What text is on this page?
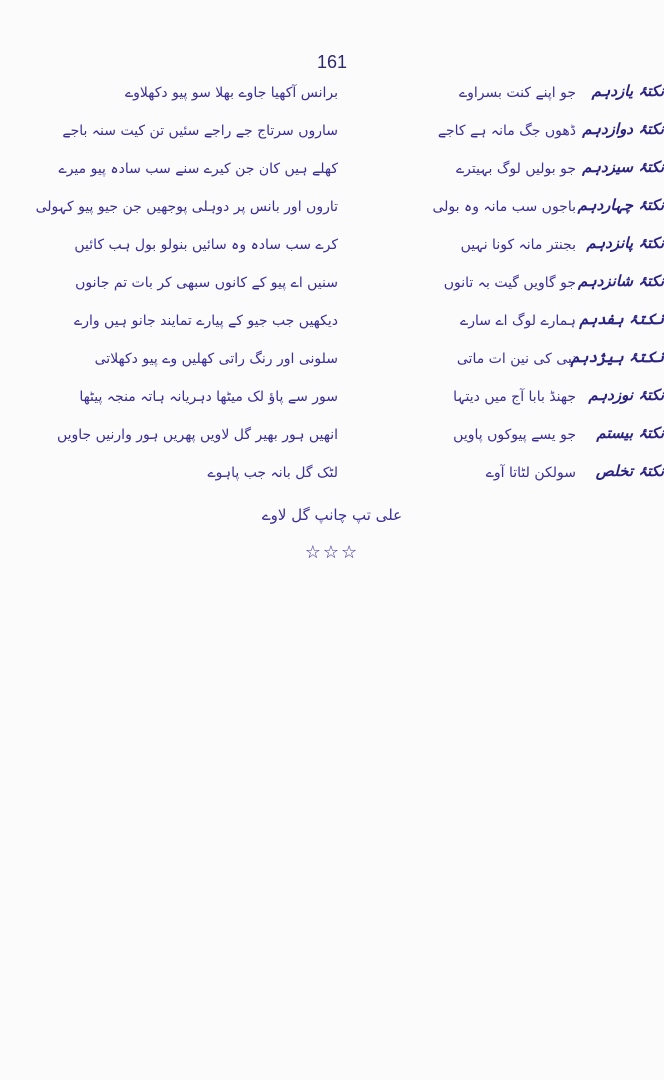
161
نکتۂ یازدہم
جو اپنے کنت بسراوے
برانس آکھیا جاوے بھلا سو پیو دکھلاوے
نکتۂ دوازدہم
ڈھوں جگ مانہ ہے کاجے
ساروں سرتاج جے راجے سئیں تن کیت سنہ باجے
نکتۂ سیزدہم
جو بولیں لوگ بہیترے
کھلے ہیں کان جن کیرے سنے سب سادہ پیو میرے
نکتۂ چہاردہم
باجوں سب مانہ وہ بولی
تاروں اور بانس پر دوہلی پوجھیں جن جیو پیو کہولی
نکتۂ پانزدہم
بجنتر مانہ کونا نہیں
کرے سب سادہ وہ سائیں بنولو بول ہب کائیں
نکتۂ شانزدہم
جو گاویں گیت بہ تانوں
سنیں اے پیو کے کانوں سبھی کر بات تم جانوں
نکتۂ ہفدہم
ہمارے لوگ اے سارے
دیکھیں جب جیو کے پیارے تمایند جانو ہیں وارے
نکتۂ ہیژدہم
نبی کی نین ات ماتی
سلونی اور رنگ راتی کھلیں وے پیو دکھلاتی
نکتۂ نوزدہم
جھنڈ بابا آج میں دیتہا
سور سے پاؤ لک میٹھا دہریانہ ہاتہ منجہ پیٹھا
نکتۂ بیستم
جو یسے پیوکوں پاویں
انھیں ہور بھیر گل لاویں پھریں ہور وارنیں جاویں
نکتۂ تخلص
سولکن لٹاتا آوے
لٹک گل بانہ جب پاہوے
علی تپ چانپ گل لاوے
☆☆☆
